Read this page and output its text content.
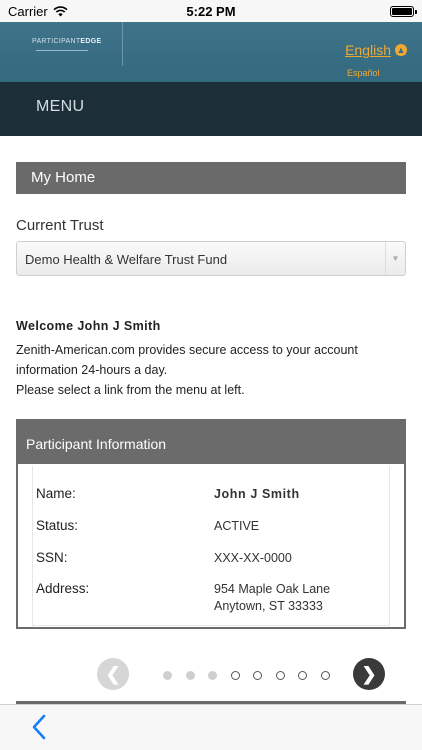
Carrier	5:22 PM
PARTICIPANTEDGE
English ▲
Español
MENU
My Home
Current Trust
Demo Health & Welfare Trust Fund	▼
Welcome John J Smith
Zenith-American.com provides secure access to your account information 24-hours a day.
Please select a link from the menu at left.
Participant Information
Name:	John J Smith
Status:	ACTIVE
SSN:	XXX-XX-0000
Address:	954 Maple Oak Lane
Anytown, ST 33333
❮	❯
